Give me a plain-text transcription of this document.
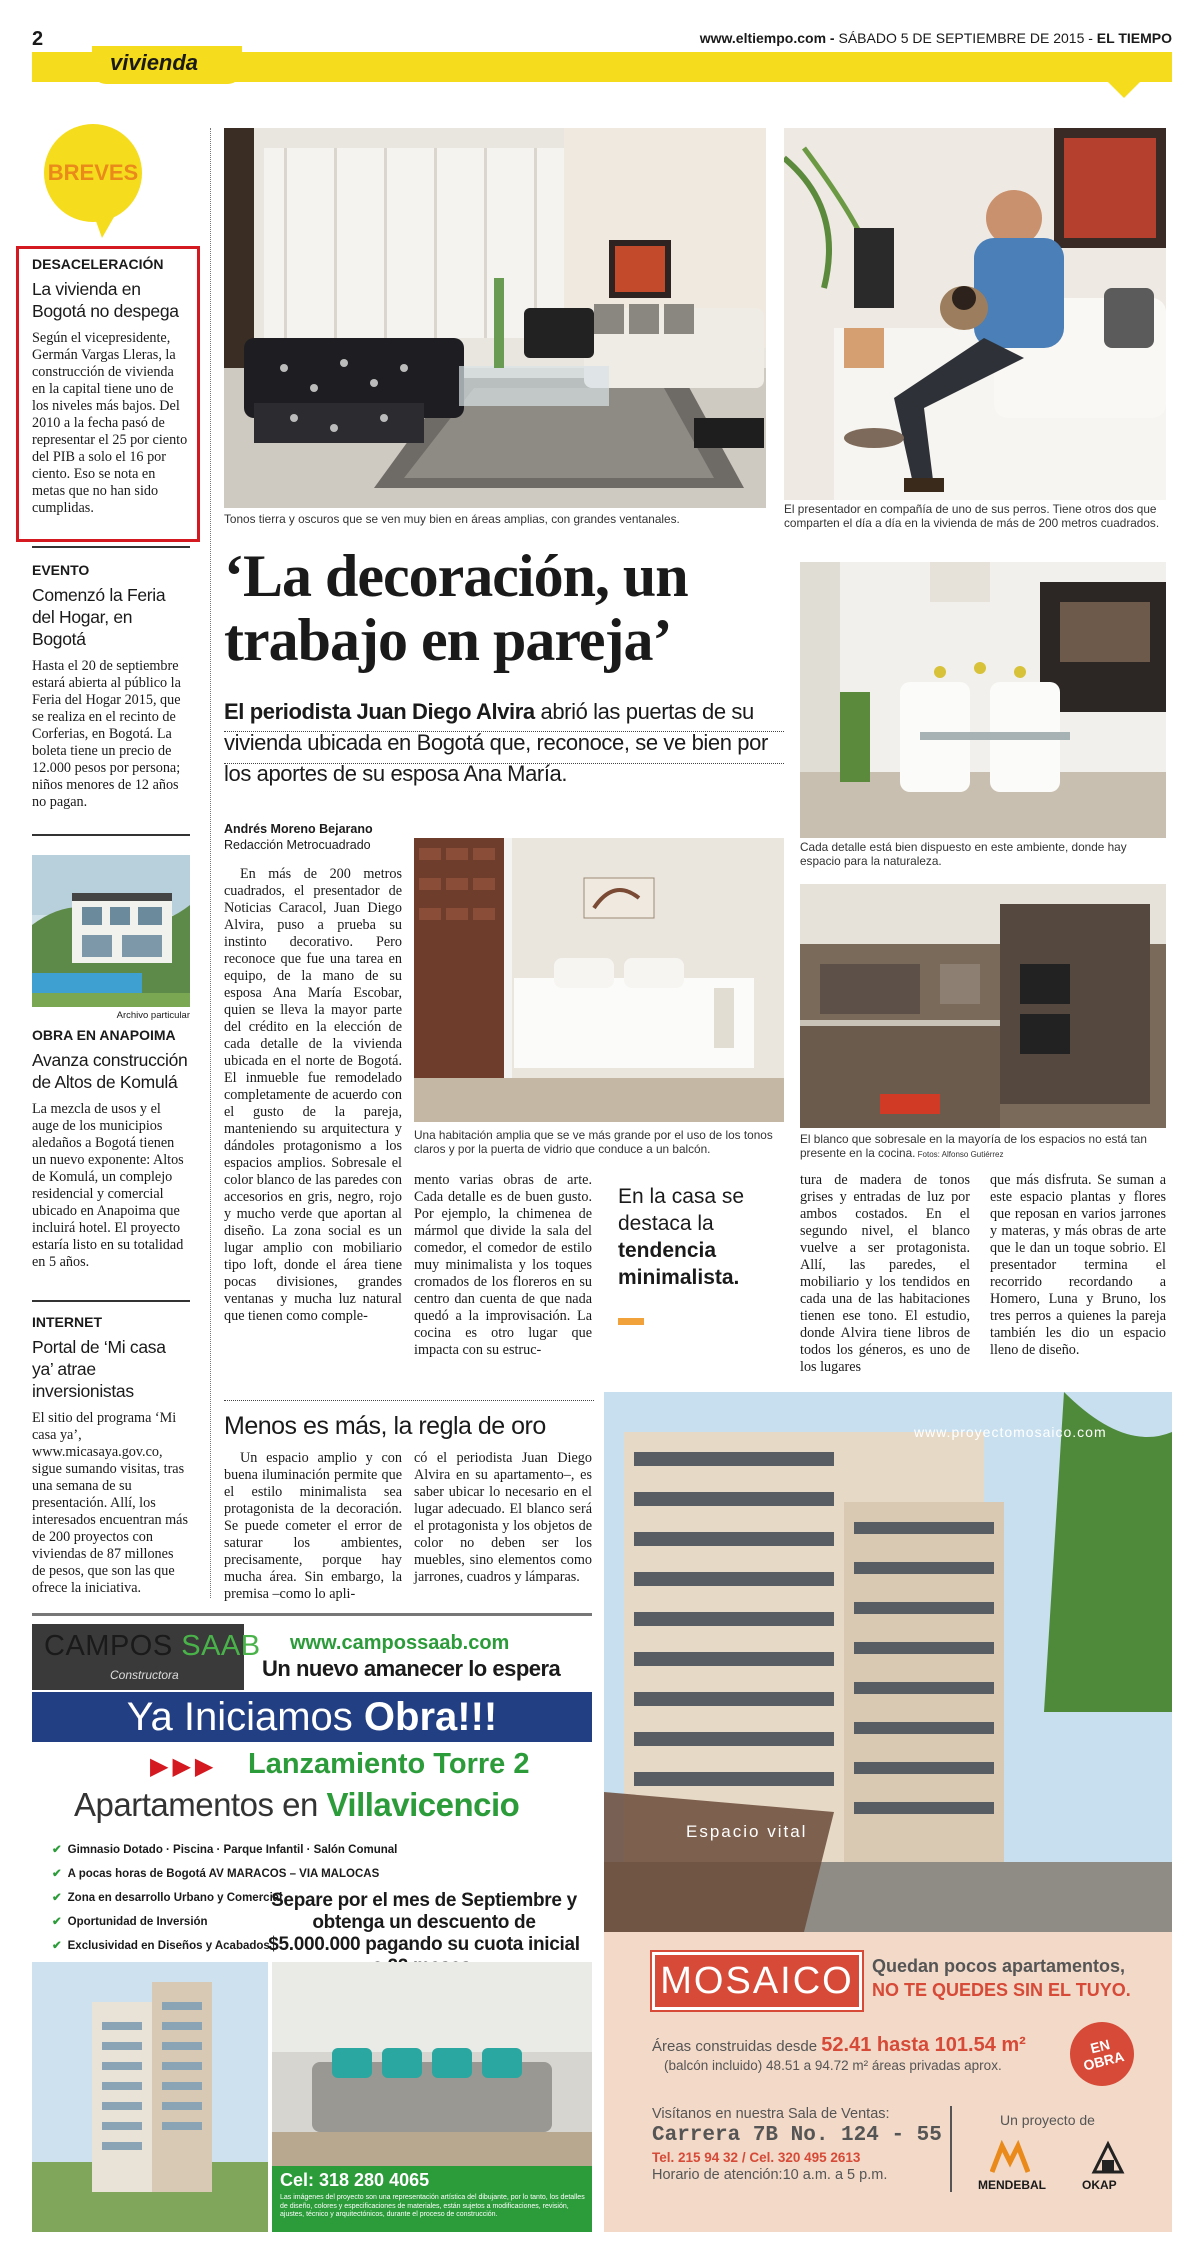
2	www.eltiempo.com - SÁBADO 5 DE SEPTIEMBRE DE 2015 - EL TIEMPO
vivienda
BREVES
DESACELERACIÓN
La vivienda en Bogotá no despega
Según el vicepresidente, Germán Vargas Lleras, la construcción de vivienda en la capital tiene uno de los niveles más bajos. Del 2010 a la fecha pasó de representar el 25 por ciento del PIB a solo el 16 por ciento. Eso se nota en metas que no han sido cumplidas.
EVENTO
Comenzó la Feria del Hogar, en Bogotá
Hasta el 20 de septiembre estará abierta al público la Feria del Hogar 2015, que se realiza en el recinto de Corferias, en Bogotá. La boleta tiene un precio de 12.000 pesos por persona; niños menores de 12 años no pagan.
Archivo particular
OBRA EN ANAPOIMA
Avanza construcción de Altos de Komulá
La mezcla de usos y el auge de los municipios aledaños a Bogotá tienen un nuevo exponente: Altos de Komulá, un complejo residencial y comercial ubicado en Anapoima que incluirá hotel. El proyecto estaría listo en su totalidad en 5 años.
INTERNET
Portal de ‘Mi casa ya’ atrae inversionistas
El sitio del programa ‘Mi casa ya’, www.micasaya.gov.co, sigue sumando visitas, tras una semana de su presentación. Allí, los interesados encuentran más de 200 proyectos con viviendas de 87 millones de pesos, que son las que ofrece la iniciativa.
Tonos tierra y oscuros que se ven muy bien en áreas amplias, con grandes ventanales.
El presentador en compañía de uno de sus perros. Tiene otros dos que comparten el día a día en la vivienda de más de 200 metros cuadrados.
‘La decoración, un
trabajo en pareja’
El periodista Juan Diego Alvira abrió las puertas de su vivienda ubicada en Bogotá que, reconoce, se ve bien por los aportes de su esposa Ana María.
Andrés Moreno Bejarano
Redacción Metrocuadrado	Cada detalle está bien dispuesto en este ambiente, donde hay espacio para la naturaleza.
Una habitación amplia que se ve más grande por el uso de los tonos claros y por la puerta de vidrio que conduce a un balcón.
El blanco que sobresale en la mayoría de los espacios no está tan presente en la cocina. Fotos: Alfonso Gutiérrez

En más de 200 metros cuadrados, el presentador de Noticias Caracol, Juan Diego Alvira, puso a prueba su instinto decorativo. Pero reconoce que fue una tarea en equipo, de la mano de su esposa Ana María Escobar, quien se lleva la mayor parte del crédito en la elección de cada detalle de la vivienda ubicada en el norte de Bogotá. El inmueble fue remodelado completamente de acuerdo con el gusto de la pareja, manteniendo su arquitectura y dándoles protagonismo a los espacios amplios. Sobresale el color blanco de las paredes con accesorios en gris, negro, rojo y mucho verde que aportan al diseño. La zona social es un lugar amplio con mobiliario tipo loft, donde el área tiene pocas divisiones, grandes ventanas y mucha luz natural que tienen como comple-

mento varias obras de arte. Cada detalle es de buen gusto. Por ejemplo, la chimenea de mármol que divide la sala del comedor, el comedor de estilo muy minimalista y los toques cromados de los floreros en su centro dan cuenta de que nada quedó a la improvisación. La cocina es otro lugar que impacta con su estruc-

En la casa se destaca la tendencia minimalista.

tura de madera de tonos grises y entradas de luz por ambos costados. En el segundo nivel, el blanco vuelve a ser protagonista. Allí, las paredes, el mobiliario y los tendidos en cada una de las habitaciones tienen ese tono. El estudio, donde Alvira tiene libros de todos los géneros, es uno de los lugares

que más disfruta. Se suman a este espacio plantas y flores que reposan en varios jarrones y materas, y más obras de arte que le dan un toque sobrio. El presentador termina el recorrido recordando a Homero, Luna y Bruno, los tres perros a quienes la pareja también les dio un espacio lleno de diseño.

Menos es más, la regla de oro

Un espacio amplio y con buena iluminación permite que el estilo minimalista sea protagonista de la decoración. Se puede cometer el error de saturar los ambientes, precisamente, porque hay mucha área. Sin embargo, la premisa –como lo apli-

có el periodista Juan Diego Alvira en su apartamento–, es saber ubicar lo necesario en el lugar adecuado. El blanco será el protagonista y los objetos de color no deben ser los muebles, sino elementos como jarrones, cuadros y lámparas.

CAMPOS SAAB
Constructora
www.campossaab.com
Un nuevo amanecer lo espera
Ya Iniciamos Obra!!!
▶▶▶ Lanzamiento Torre 2
Apartamentos en Villavicencio
✔ Gimnasio Dotado · Piscina · Parque Infantil · Salón Comunal
✔ A pocas horas de Bogotá AV MARACOS – VIA MALOCAS
✔ Zona en desarrollo Urbano y Comercial
✔ Oportunidad de Inversión
✔ Exclusividad en Diseños y Acabados
Separe por el mes de Septiembre y obtenga un descuento de $5.000.000 pagando su cuota inicial
Cel: 318 280 4065
Las imágenes del proyecto son una representación artística del dibujante, por lo tanto, los detalles de diseño, colores y especificaciones de materiales, están sujetos a modificaciones, revisión, ajustes, técnico y arquitectónicos, durante el proceso de construcción.
www.proyectomosaico.com
Espacio vital
MOSAICO	Quedan pocos apartamentos,
NO TE QUEDES SIN EL TUYO.
Áreas construidas desde 52.41 hasta 101.54 m²
(balcón incluido) 48.51 a 94.72 m² áreas privadas aprox.
EN OBRA
Visítanos en nuestra Sala de Ventas:
Carrera 7B No. 124 - 55
Tel. 215 94 32 / Cel. 320 495 2613
Horario de atención:10 a.m. a 5 p.m.
Un proyecto de
MENDEBAL	OKAP
